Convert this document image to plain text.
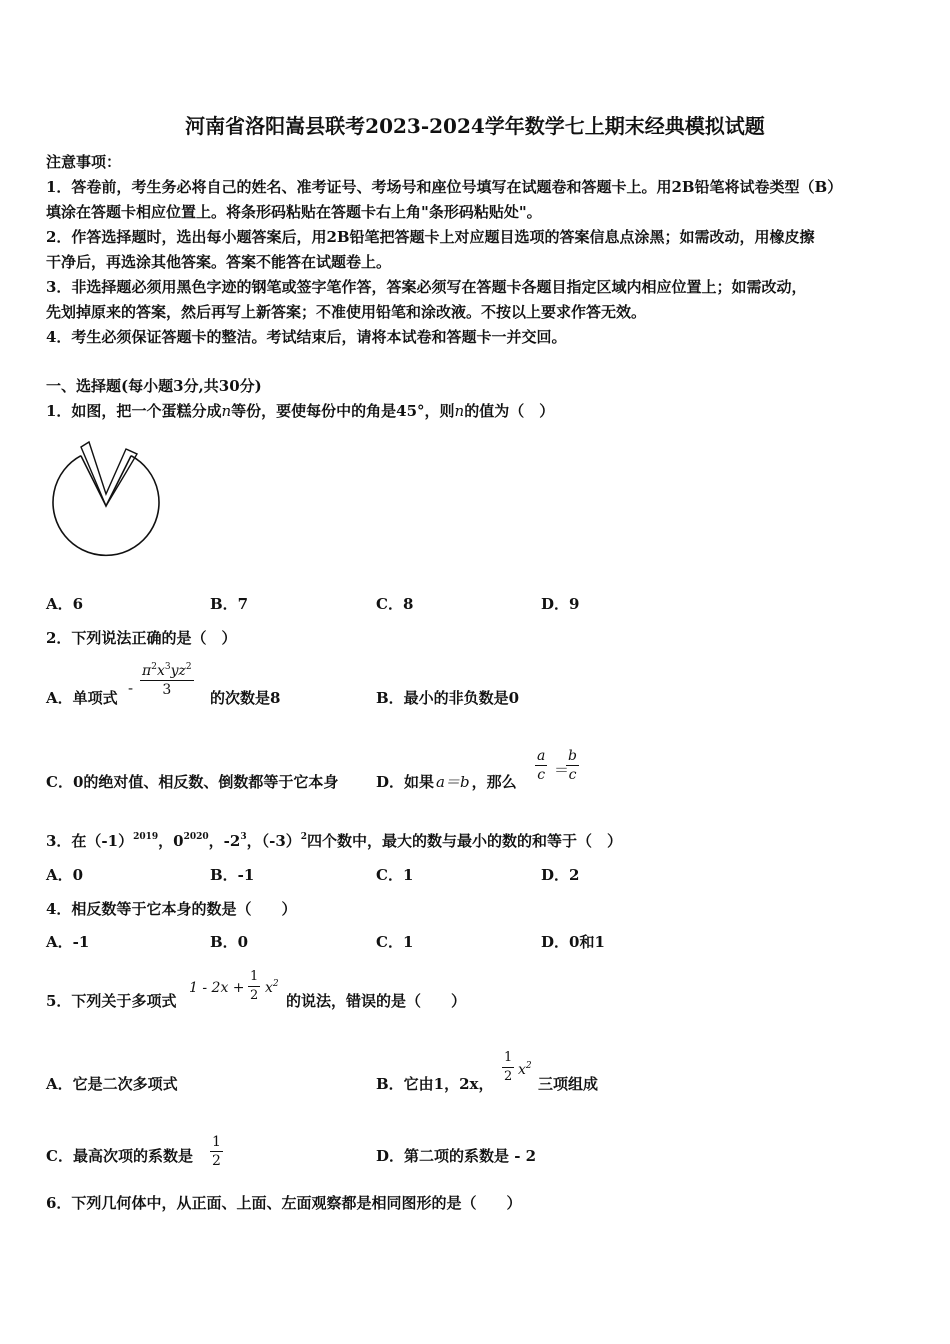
河南省洛阳嵩县联考2023-2024学年数学七上期末经典模拟试题
注意事项：
1．答卷前，考生务必将自己的姓名、准考证号、考场号和座位号填写在试题卷和答题卡上。用2B铅笔将试卷类型（B）
填涂在答题卡相应位置上。将条形码粘贴在答题卡右上角"条形码粘贴处"。
2．作答选择题时，选出每小题答案后，用2B铅笔把答题卡上对应题目选项的答案信息点涂黑；如需改动，用橡皮擦
干净后，再选涂其他答案。答案不能答在试题卷上。
3．非选择题必须用黑色字迹的钢笔或签字笔作答，答案必须写在答题卡各题目指定区域内相应位置上；如需改动，
先划掉原来的答案，然后再写上新答案；不准使用铅笔和涂改液。不按以上要求作答无效。
4．考生必须保证答题卡的整洁。考试结束后，请将本试卷和答题卡一并交回。
一、选择题(每小题3分,共30分)
1．如图，把一个蛋糕分成n等份，要使每份中的角是45°，则n的值为（　）
A．6	B．7	C．8	D．9
2．下列说法正确的是（　）
A．单项式
- $\frac{\pi^2x^3yz^2}{3}$ 的次数是8	B．最小的非负数是0
C．0的绝对值、相反数、倒数都等于它本身	D．如果 a＝b ，那么 $\frac{a}{c}$ ＝
$\frac{b}{c}$
3．在$(-1)^{2019}$，$0^{2020}$，$-2^3$，$(-3)^2$四个数中，最大的数与最小的数的和等于（　）
A．0	B．-1	C．1	D．2
4．相反数等于它本身的数是（　　）
A．-1	B．0	C．1	D．0和1
5．下列关于多项式
$1 - 2x + \frac{1}{2} x^2$
的说法，错误的是（　　）
A．它是二次多项式	B．它由1，2x， $\frac{1}{2} x^2$
三项组成
C．最高次项的系数是 $\frac{1}{2}$	D．第二项的系数是 - 2
6．下列几何体中，从正面、上面、左面观察都是相同图形的是（　　）
